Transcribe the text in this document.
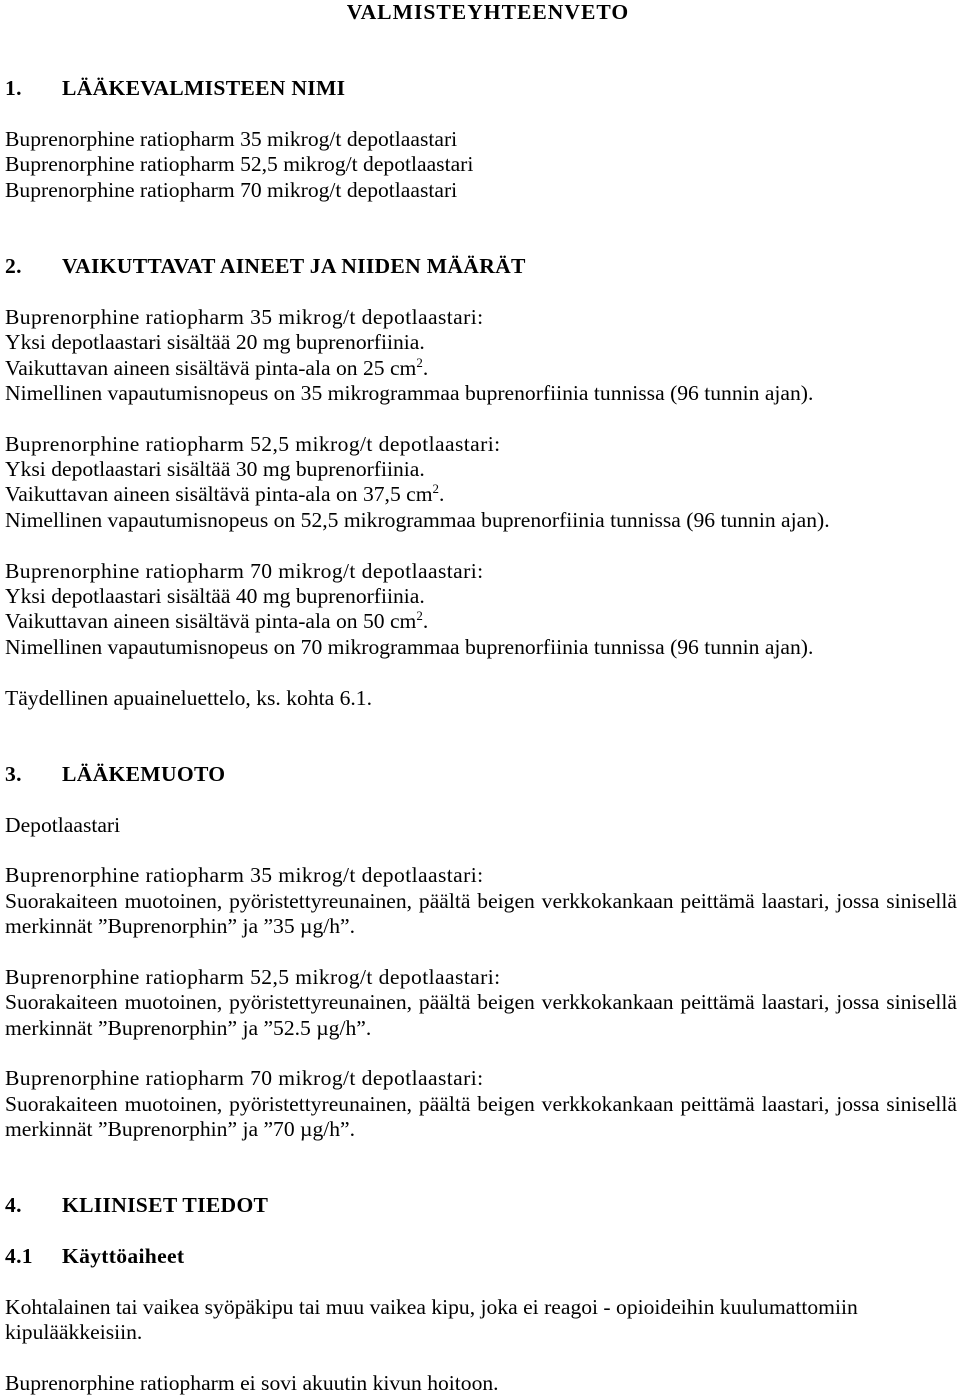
VALMISTEYHTEENVETO
1. LÄÄKEVALMISTEEN NIMI
Buprenorphine ratiopharm 35 mikrog/t depotlaastari
Buprenorphine ratiopharm 52,5 mikrog/t depotlaastari
Buprenorphine ratiopharm 70 mikrog/t depotlaastari
2. VAIKUTTAVAT AINEET JA NIIDEN MÄÄRÄT
Buprenorphine ratiopharm 35 mikrog/t depotlaastari:
Yksi depotlaastari sisältää 20 mg buprenorfiinia.
Vaikuttavan aineen sisältävä pinta-ala on 25 $cm^2$.
Nimellinen vapautumisnopeus on 35 mikrogrammaa buprenorfiinia tunnissa (96 tunnin ajan).
Buprenorphine ratiopharm 52,5 mikrog/t depotlaastari:
Yksi depotlaastari sisältää 30 mg buprenorfiinia.
Vaikuttavan aineen sisältävä pinta-ala on 37,5 $cm^2$.
Nimellinen vapautumisnopeus on 52,5 mikrogrammaa buprenorfiinia tunnissa (96 tunnin ajan).
Buprenorphine ratiopharm 70 mikrog/t depotlaastari:
Yksi depotlaastari sisältää 40 mg buprenorfiinia.
Vaikuttavan aineen sisältävä pinta-ala on 50 $cm^2$.
Nimellinen vapautumisnopeus on 70 mikrogrammaa buprenorfiinia tunnissa (96 tunnin ajan).
Täydellinen apuaineluettelo, ks. kohta 6.1.
3. LÄÄKEMUOTO
Depotlaastari
Buprenorphine ratiopharm 35 mikrog/t depotlaastari:
Suorakaiteen muotoinen, pyöristettyreunainen, päältä beigen verkkokankaan peittämä laastari, jossa sinisellä
merkinnät ”Buprenorphin” ja ”35 µg/h”.
Buprenorphine ratiopharm 52,5 mikrog/t depotlaastari:
Suorakaiteen muotoinen, pyöristettyreunainen, päältä beigen verkkokankaan peittämä laastari, jossa sinisellä
merkinnät ”Buprenorphin” ja ”52.5 µg/h”.
Buprenorphine ratiopharm 70 mikrog/t depotlaastari:
Suorakaiteen muotoinen, pyöristettyreunainen, päältä beigen verkkokankaan peittämä laastari, jossa sinisellä
merkinnät ”Buprenorphin” ja ”70 µg/h”.
4. KLIINISET TIEDOT
4.1 Käyttöaiheet
Kohtalainen tai vaikea syöpäkipu tai muu vaikea kipu, joka ei reagoi - opioideihin kuulumattomiin
kipulääkkeisiin.
Buprenorphine ratiopharm ei sovi akuutin kivun hoitoon.
